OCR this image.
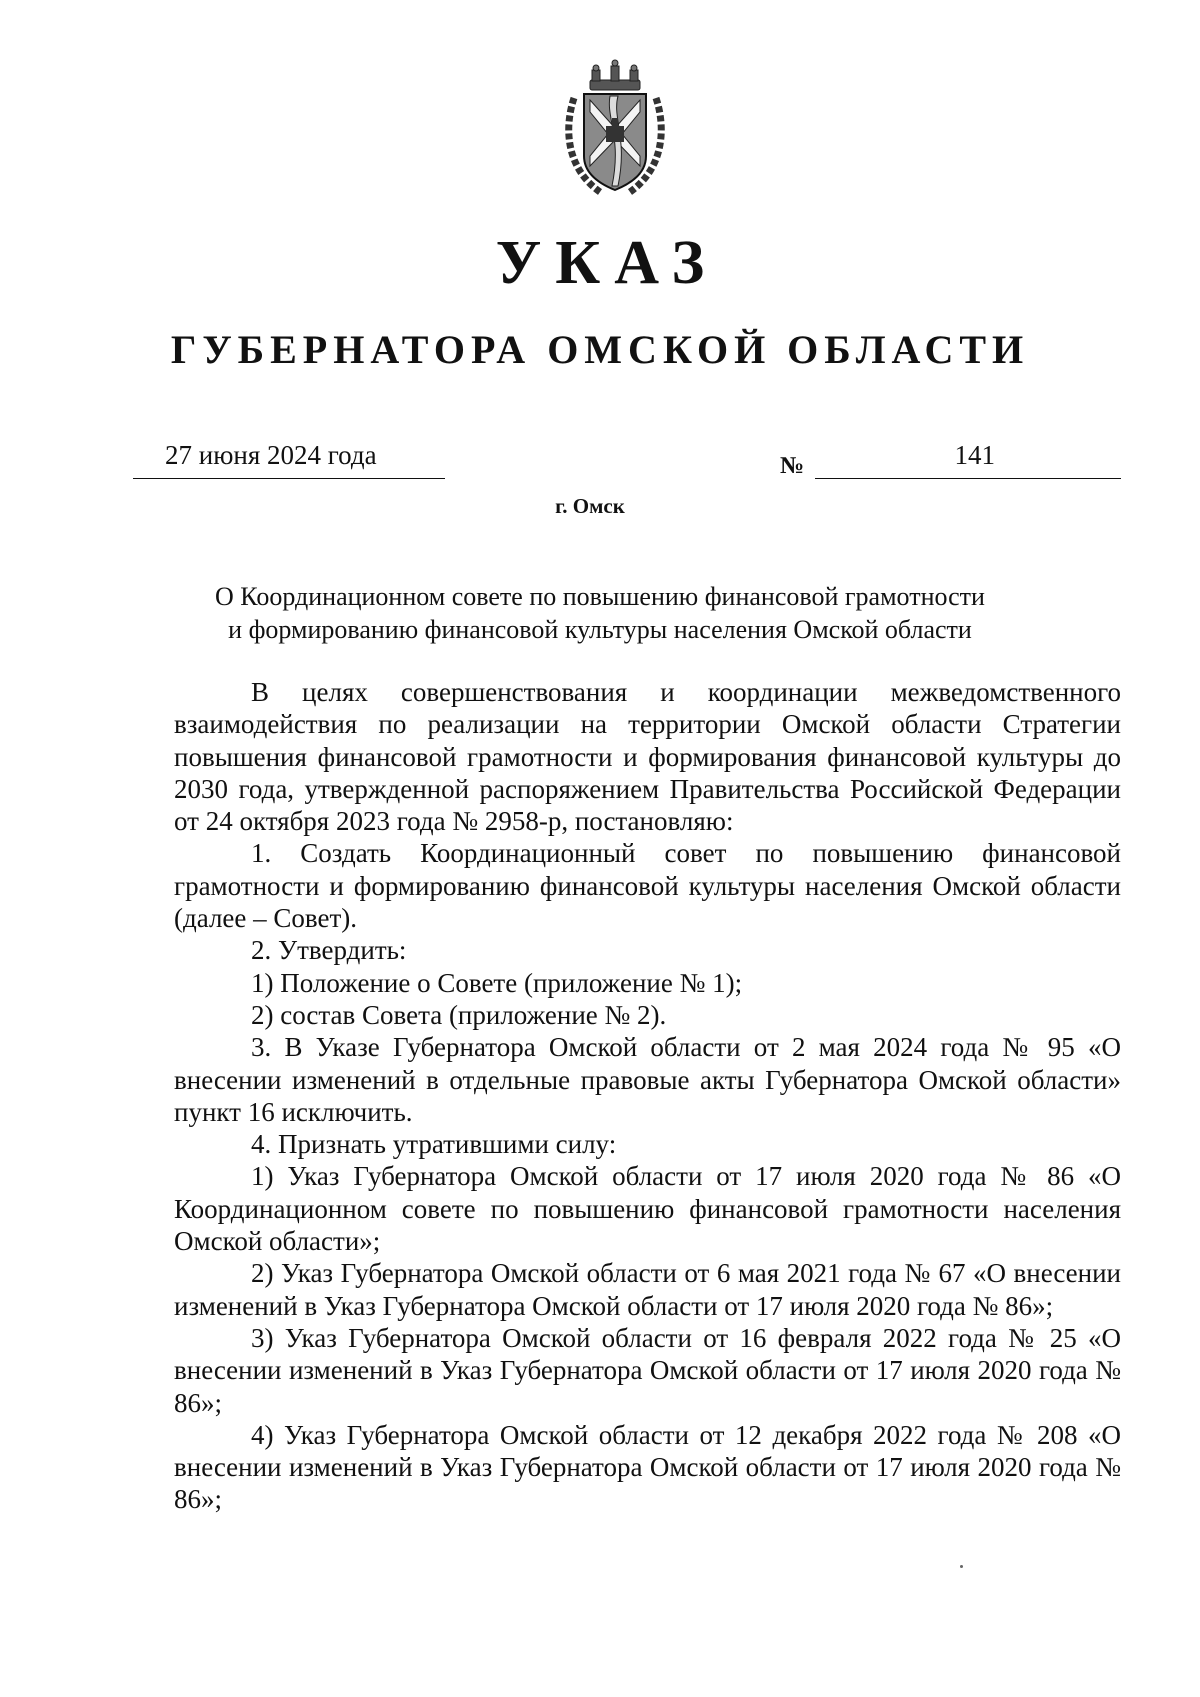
УКАЗ
ГУБЕРНАТОРА ОМСКОЙ ОБЛАСТИ
27 июня 2024 года	№	141
г. Омск

О Координационном совете по повышению финансовой грамотности
и формированию финансовой культуры населения Омской области

В целях совершенствования и координации межведомственного взаимодействия по реализации на территории Омской области Стратегии повышения финансовой грамотности и формирования финансовой культуры до 2030 года, утвержденной распоряжением Правительства Российской Федерации от 24 октября 2023 года № 2958-р, постановляю:

1. Создать Координационный совет по повышению финансовой грамотности и формированию финансовой культуры населения Омской области (далее – Совет).

2. Утвердить:

1) Положение о Совете (приложение № 1);

2) состав Совета (приложение № 2).

3. В Указе Губернатора Омской области от 2 мая 2024 года № 95 «О внесении изменений в отдельные правовые акты Губернатора Омской области» пункт 16 исключить.

4. Признать утратившими силу:

1) Указ Губернатора Омской области от 17 июля 2020 года № 86 «О Координационном совете по повышению финансовой грамотности населения Омской области»;

2) Указ Губернатора Омской области от 6 мая 2021 года № 67 «О внесении изменений в Указ Губернатора Омской области от 17 июля 2020 года № 86»;

3) Указ Губернатора Омской области от 16 февраля 2022 года № 25 «О внесении изменений в Указ Губернатора Омской области от 17 июля 2020 года № 86»;

4) Указ Губернатора Омской области от 12 декабря 2022 года № 208 «О внесении изменений в Указ Губернатора Омской области от 17 июля 2020 года № 86»;
